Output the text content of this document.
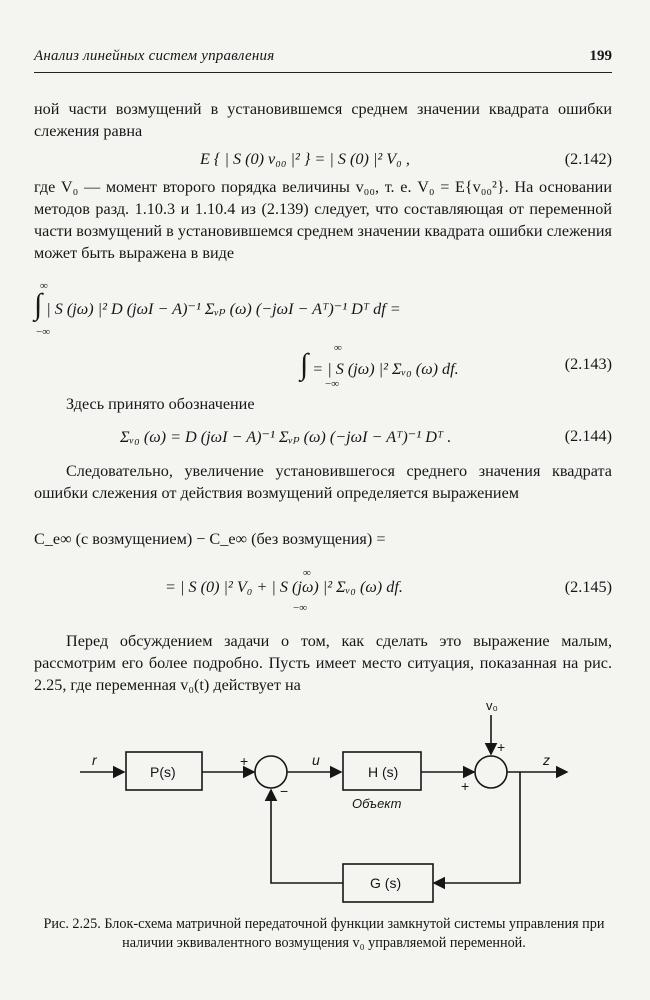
Анализ линейных систем управления	199
ной части возмущений в установившемся среднем значении квадрата ошибки слежения равна
E { | S (0) v₀₀ |² } = | S (0) |² V₀ ,	(2.142)
где V₀ — момент второго порядка величины v₀₀, т. е. V₀ = E{v₀₀²}. На основании методов разд. 1.10.3 и 1.10.4 из (2.139) следует, что составляющая от переменной части возмущений в установившемся среднем значении квадрата ошибки слежения может быть выражена в виде
∫ | S (jω) |² D (jωI − A)⁻¹ Σᵥₚ (ω) (−jωI − Aᵀ)⁻¹ Dᵀ df =
∞
−∞
∫ = | S (jω) |² Σᵥ₀ (ω) df.
∞
−∞
(2.143)
Здесь принято обозначение
Σᵥ₀ (ω) = D (jωI − A)⁻¹ Σᵥₚ (ω) (−jωI − Aᵀ)⁻¹ Dᵀ .	(2.144)
Следовательно, увеличение установившегося среднего значения квадрата ошибки слежения от действия возмущений определяется выражением
C_e∞ (с возмущением) − C_e∞ (без возмущения) =
= | S (0) |² V₀ + | S (jω) |² Σᵥ₀ (ω) df.
∞
−∞
(2.145)
Перед обсуждением задачи о том, как сделать это выражение малым, рассмотрим его более подробно. Пусть имеет место ситуация, показанная на рис. 2.25, где переменная v₀(t) действует на
r
P(s)
+
−
u
H (s)
Объект
v₀
+
+
z
G (s)
Рис. 2.25. Блок-схема матричной передаточной функции замкнутой системы управления при наличии эквивалентного возмущения v₀ управляемой переменной.
